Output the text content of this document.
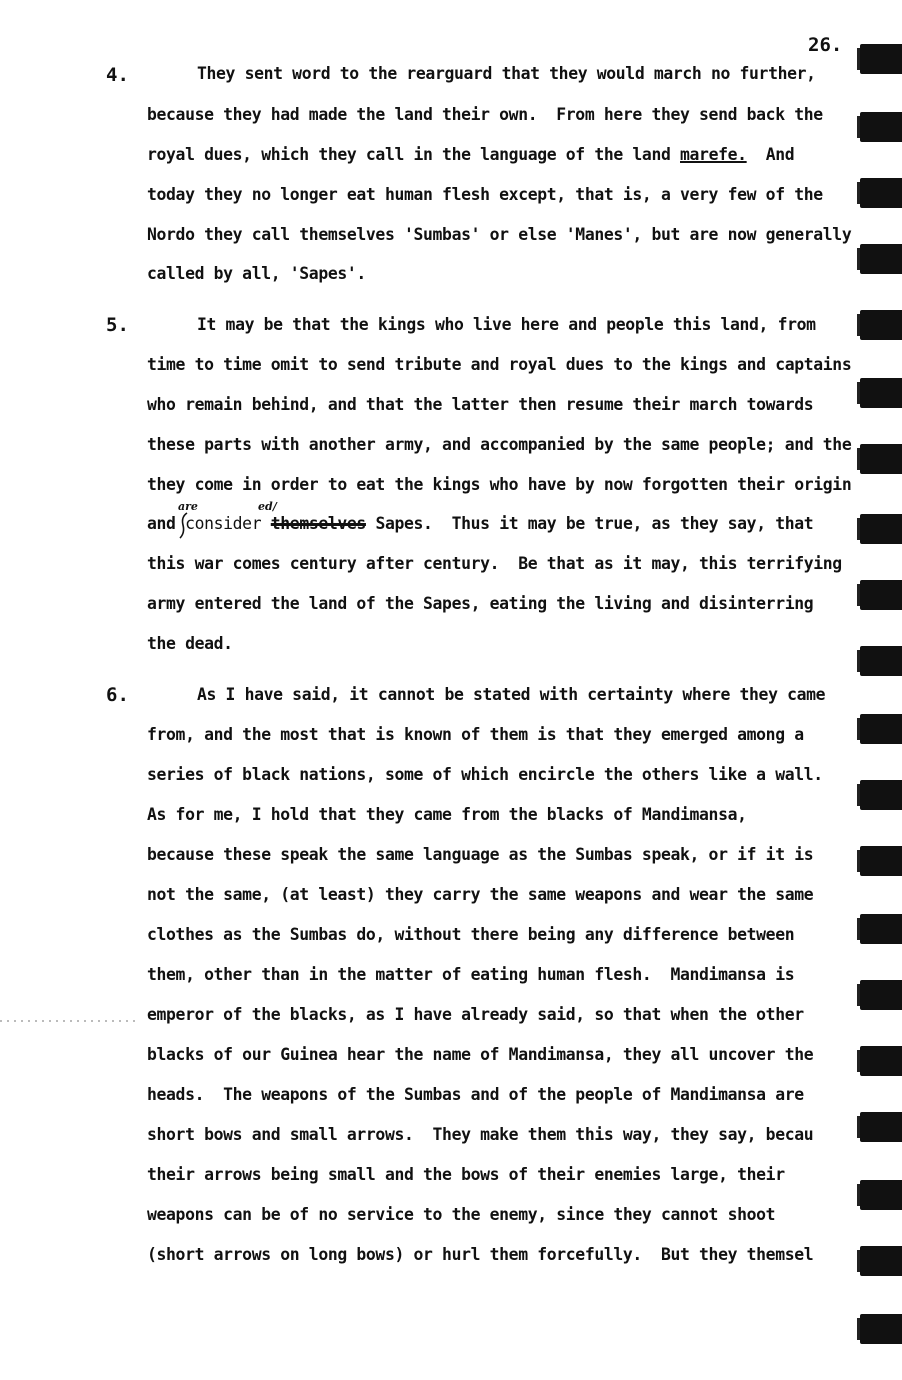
26.
4.	They sent word to the rearguard that they would march no further,
because they had made the land their own.  From here they send back the
royal dues, which they call in the language of the land marefe.  And
today they no longer eat human flesh except, that is, a very few of the
Nordo they call themselves 'Sumbas' or else 'Manes', but are now generally
called by all, 'Sapes'.
5.	It may be that the kings who live here and people this land, from
time to time omit to send tribute and royal dues to the kings and captains
who remain behind, and that the latter then resume their march towards
these parts with another army, and accompanied by the same people; and the
they come in order to eat the kings who have by now forgotten their origin
are	ed/
and consider themselves Sapes.  Thus it may be true, as they say, that
this war comes century after century.  Be that as it may, this terrifying
army entered the land of the Sapes, eating the living and disinterring
the dead.
6.	As I have said, it cannot be stated with certainty where they came
from, and the most that is known of them is that they emerged among a
series of black nations, some of which encircle the others like a wall.
As for me, I hold that they came from the blacks of Mandimansa,
because these speak the same language as the Sumbas speak, or if it is
not the same, (at least) they carry the same weapons and wear the same
clothes as the Sumbas do, without there being any difference between
them, other than in the matter of eating human flesh.  Mandimansa is
emperor of the blacks, as I have already said, so that when the other
blacks of our Guinea hear the name of Mandimansa, they all uncover the
heads.  The weapons of the Sumbas and of the people of Mandimansa are
short bows and small arrows.  They make them this way, they say, becau
their arrows being small and the bows of their enemies large, their
weapons can be of no service to the enemy, since they cannot shoot
(short arrows on long bows) or hurl them forcefully.  But they themsel
